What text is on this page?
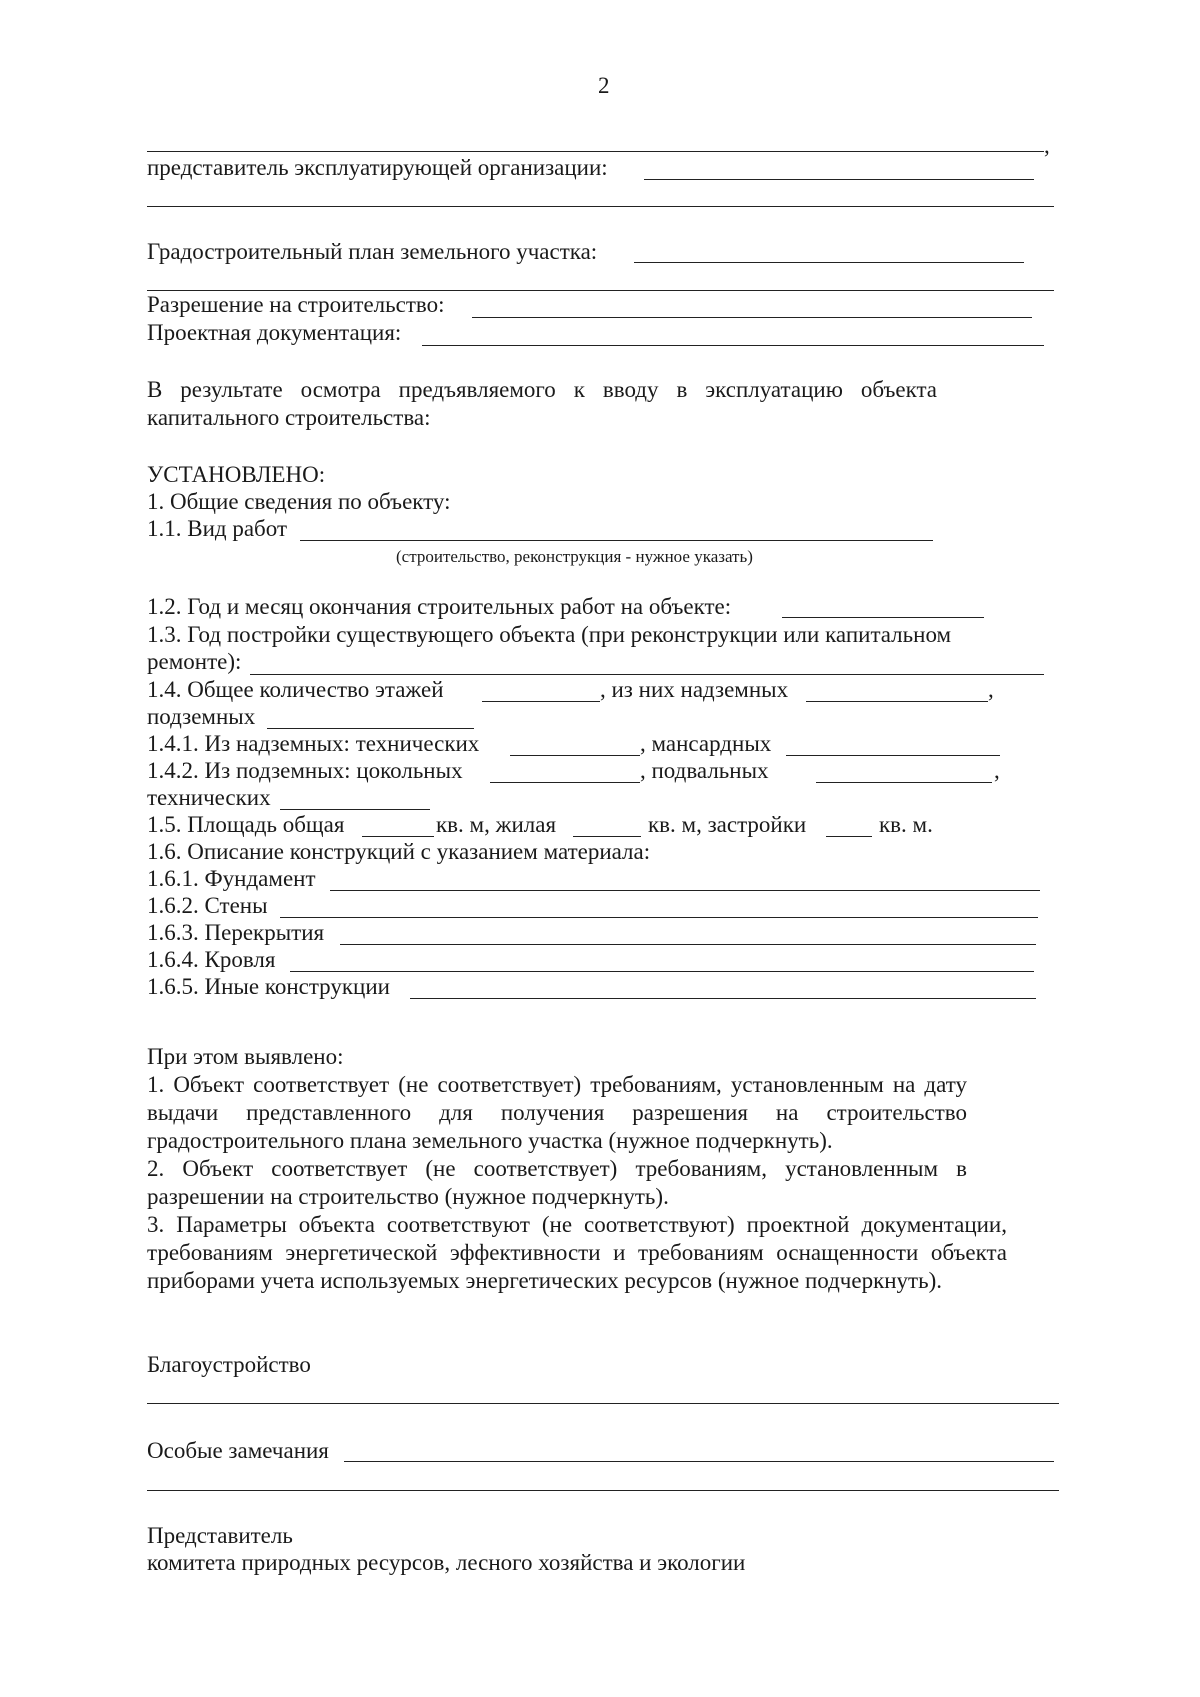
2
,
представитель эксплуатирующей организации:
Градостроительный план земельного участка:
Разрешение на строительство:
Проектная документация:
В результате осмотра предъявляемого к вводу в эксплуатацию объекта
капитального строительства:
УСТАНОВЛЕНО:
1. Общие сведения по объекту:
1.1. Вид работ
(строительство, реконструкция - нужное указать)
1.2. Год и месяц окончания строительных работ на объекте:
1.3. Год постройки существующего объекта (при реконструкции или капитальном
ремонте):
1.4. Общее количество этажей	, из них надземных	,
подземных
1.4.1. Из надземных: технических	, мансардных
1.4.2. Из подземных: цокольных	, подвальных	,
технических
1.5. Площадь общая	кв. м, жилая	кв. м, застройки	кв. м.
1.6. Описание конструкций с указанием материала:
1.6.1. Фундамент
1.6.2. Стены
1.6.3. Перекрытия
1.6.4. Кровля
1.6.5. Иные конструкции
При этом выявлено:
1. Объект соответствует (не соответствует) требованиям, установленным на дату выдачи представленного для получения разрешения на строительство градостроительного плана земельного участка (нужное подчеркнуть).
2. Объект соответствует (не соответствует) требованиям, установленным в разрешении на строительство (нужное подчеркнуть).
3. Параметры объекта соответствуют (не соответствуют) проектной документации, требованиям энергетической эффективности и требованиям оснащенности объекта приборами учета используемых энергетических ресурсов (нужное подчеркнуть).
Благоустройство
Особые замечания
Представитель
комитета природных ресурсов, лесного хозяйства и экологии
